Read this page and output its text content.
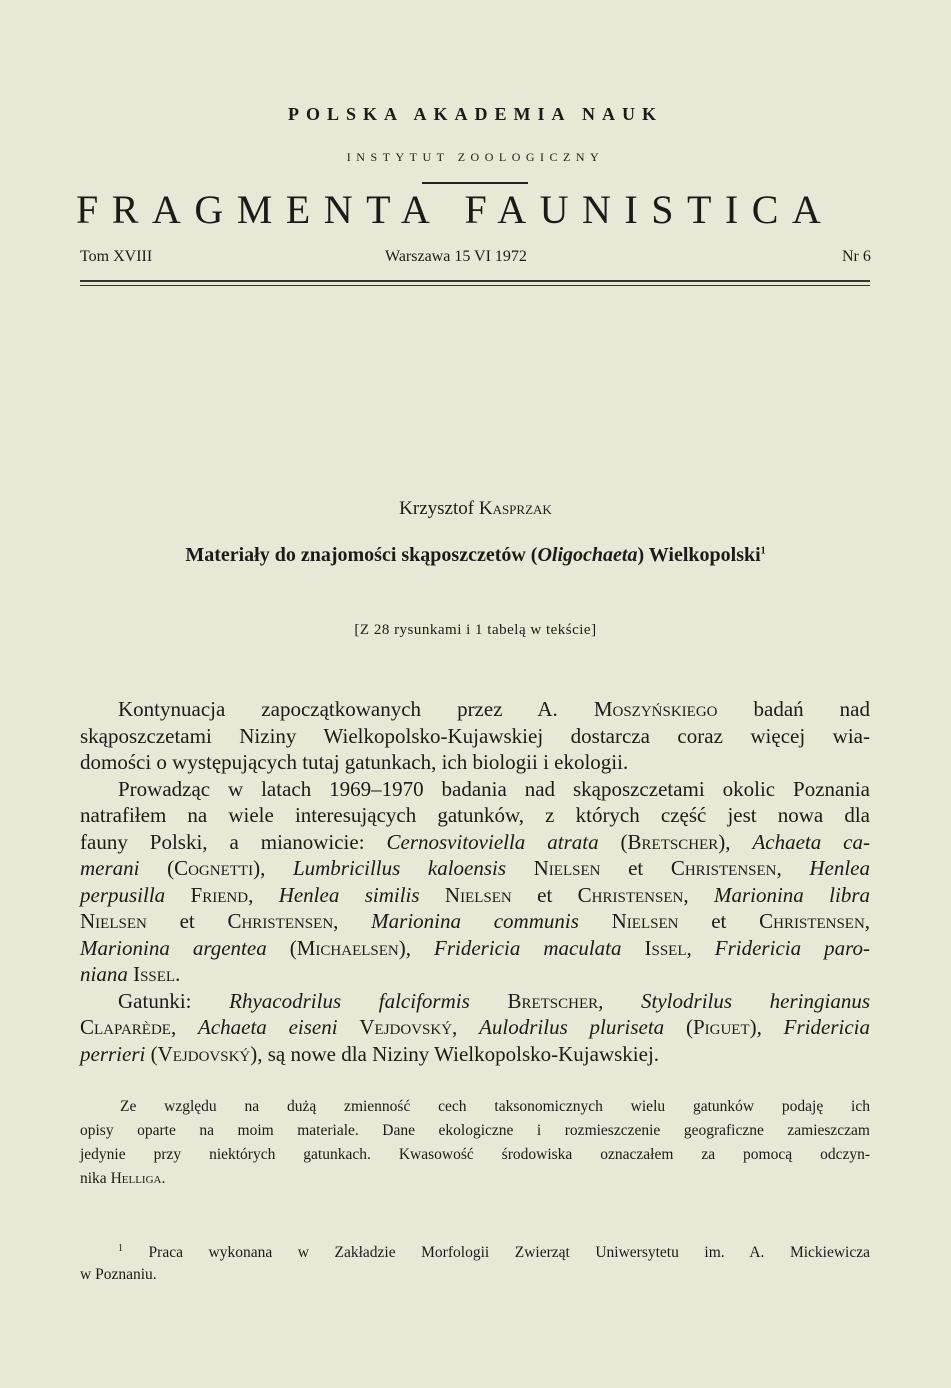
POLSKA AKADEMIA NAUK
INSTYTUT ZOOLOGICZNY
FRAGMENTA FAUNISTICA
Tom XVIII	Warszawa 15 VI 1972	Nr 6
Krzysztof Kasprzak
Materiały do znajomości skąposzczetów (Oligochaeta) Wielkopolski$^1$
[Z 28 rysunkami i 1 tabelą w tekście]
Kontynuacja zapoczątkowanych przez A. Moszyńskiego badań nad
skąposzczetami Niziny Wielkopolsko-Kujawskiej dostarcza coraz więcej wia-
domości o występujących tutaj gatunkach, ich biologii i ekologii.
Prowadząc w latach 1969–1970 badania nad skąposzczetami okolic Poznania
natrafiłem na wiele interesujących gatunków, z których część jest nowa dla
fauny Polski, a mianowicie: Cernosvitoviella atrata (Bretscher), Achaeta ca-
merani (Cognetti), Lumbricillus kaloensis Nielsen et Christensen, Henlea
perpusilla Friend, Henlea similis Nielsen et Christensen, Marionina libra
Nielsen et Christensen, Marionina communis Nielsen et Christensen,
Marionina argentea (Michaelsen), Fridericia maculata Issel, Fridericia paro-
niana Issel.
Gatunki: Rhyacodrilus falciformis Bretscher, Stylodrilus heringianus
Claparède, Achaeta eiseni Vejdovský, Aulodrilus pluriseta (Piguet), Fridericia
perrieri (Vejdovský), są nowe dla Niziny Wielkopolsko-Kujawskiej.
Ze względu na dużą zmienność cech taksonomicznych wielu gatunków podaję ich
opisy oparte na moim materiale. Dane ekologiczne i rozmieszczenie geograficzne zamieszczam
jedynie przy niektórych gatunkach. Kwasowość środowiska oznaczałem za pomocą odczyn-
nika Helliga.
$^1$ Praca wykonana w Zakładzie Morfologii Zwierząt Uniwersytetu im. A. Mickiewicza
w Poznaniu.
